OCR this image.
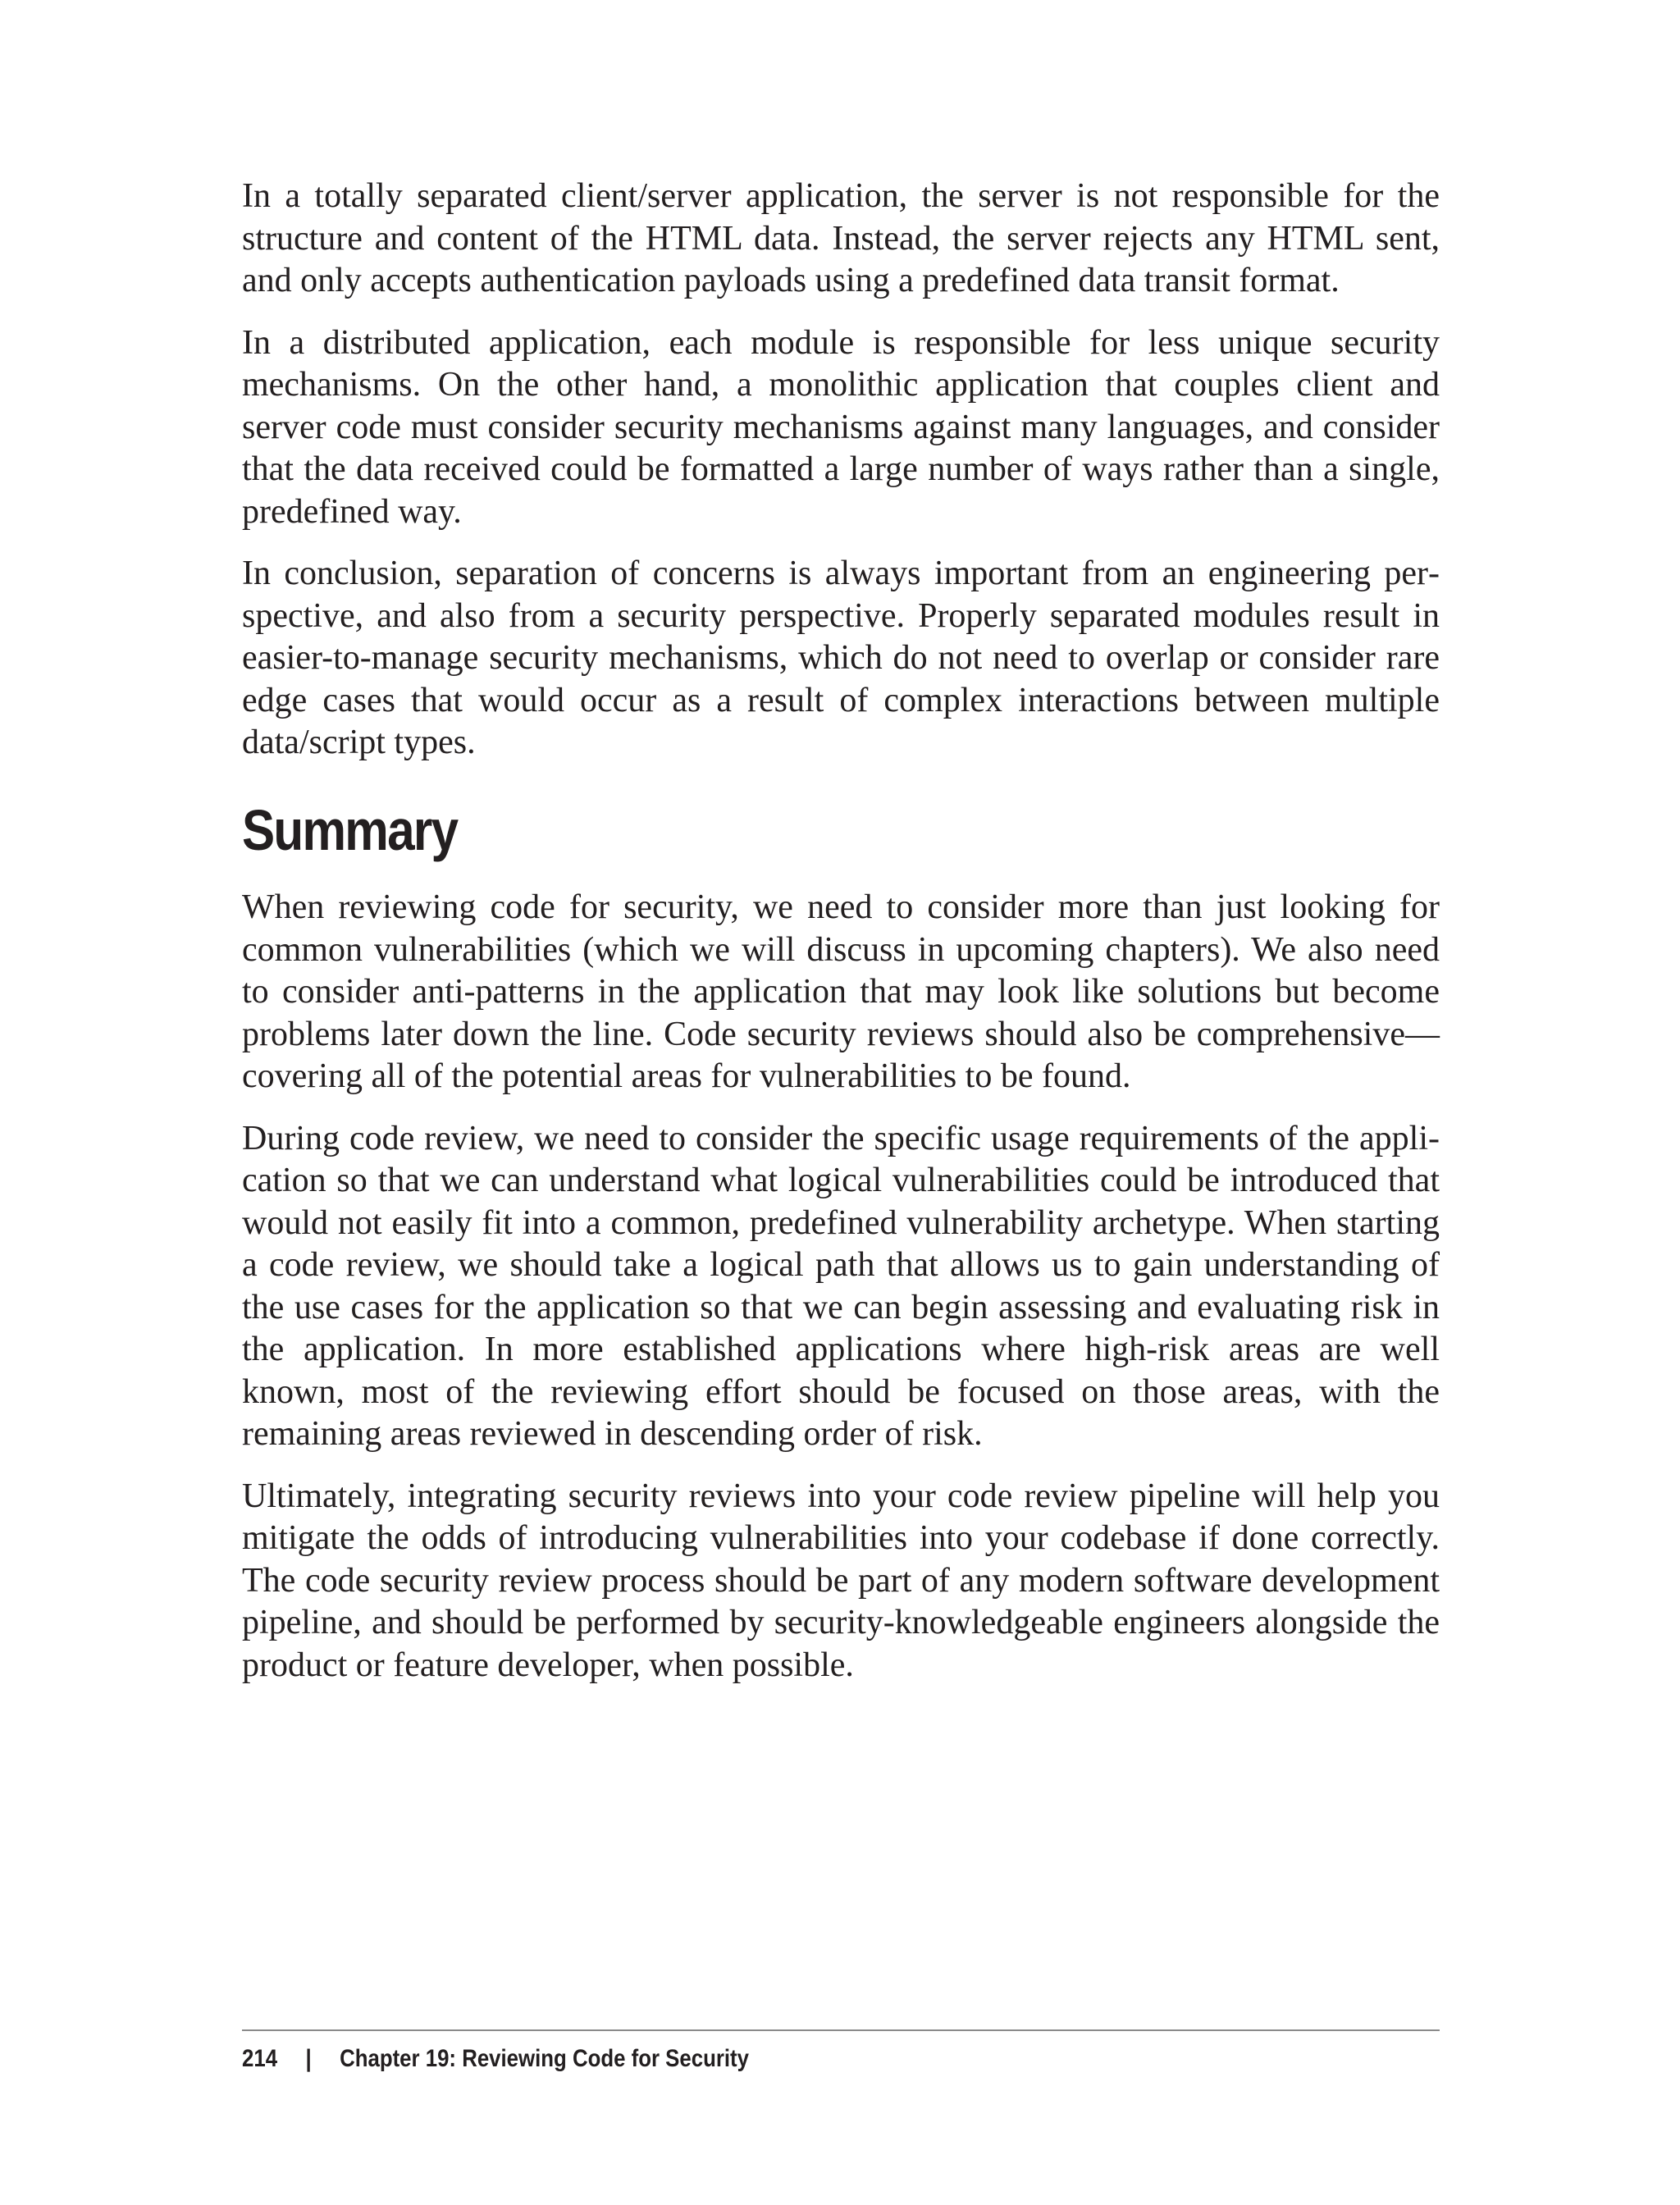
In a totally separated client/server application, the server is not responsible for the structure and content of the HTML data. Instead, the server rejects any HTML sent, and only accepts authentication payloads using a predefined data transit format.

In a distributed application, each module is responsible for less unique security mechanisms. On the other hand, a monolithic application that couples client and server code must consider security mechanisms against many languages, and consider that the data received could be formatted a large number of ways rather than a single, predefined way.

In conclusion, separation of concerns is always important from an engineering perspective, and also from a security perspective. Properly separated modules result in easier-to-manage security mechanisms, which do not need to overlap or consider rare edge cases that would occur as a result of complex interactions between multiple data/script types.

Summary

When reviewing code for security, we need to consider more than just looking for common vulnerabilities (which we will discuss in upcoming chapters). We also need to consider anti-patterns in the application that may look like solutions but become problems later down the line. Code security reviews should also be comprehensive— covering all of the potential areas for vulnerabilities to be found.

During code review, we need to consider the specific usage requirements of the application so that we can understand what logical vulnerabilities could be introduced that would not easily fit into a common, predefined vulnerability archetype. When starting a code review, we should take a logical path that allows us to gain understanding of the use cases for the application so that we can begin assessing and evaluating risk in the application. In more established applications where high-risk areas are well known, most of the reviewing effort should be focused on those areas, with the remaining areas reviewed in descending order of risk.

Ultimately, integrating security reviews into your code review pipeline will help you mitigate the odds of introducing vulnerabilities into your codebase if done correctly. The code security review process should be part of any modern software development pipeline, and should be performed by security-knowledgeable engineers alongside the product or feature developer, when possible.

214 | Chapter 19: Reviewing Code for Security
